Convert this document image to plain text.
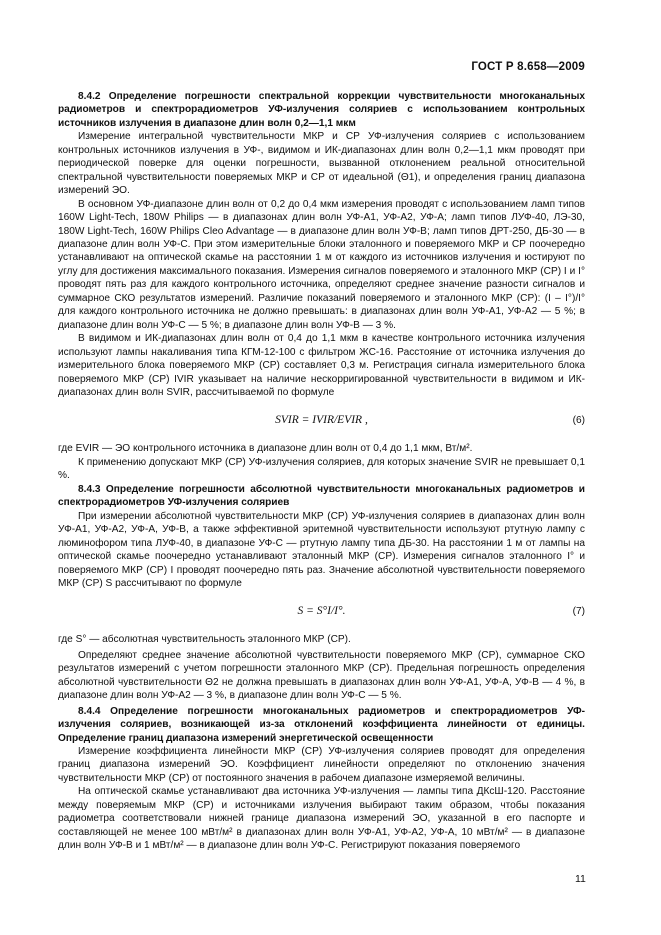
ГОСТ Р 8.658—2009

8.4.2 Определение погрешности спектральной коррекции чувствительности многоканальных радиометров и спектрорадиометров УФ-излучения соляриев с использованием контрольных источников излучения в диапазоне длин волн 0,2—1,1 мкм

Измерение интегральной чувствительности МКР и СР УФ-излучения соляриев с использованием контрольных источников излучения в УФ-, видимом и ИК-диапазонах длин волн 0,2—1,1 мкм проводят при периодической поверке для оценки погрешности, вызванной отклонением реальной относительной спектральной чувствительности поверяемых МКР и СР от идеальной (Θ1), и определения границ диапазона измерений ЭО.

В основном УФ-диапазоне длин волн от 0,2 до 0,4 мкм измерения проводят с использованием ламп типов 160W Light-Tech, 180W Philips — в диапазонах длин волн УФ-А1, УФ-А2, УФ-А; ламп типов ЛУФ-40, ЛЭ-30, 180W Light-Tech, 160W Philips Cleo Advantage — в диапазоне длин волн УФ-В; ламп типов ДРТ-250, ДБ-30 — в диапазоне длин волн УФ-С. При этом измерительные блоки эталонного и поверяемого МКР и СР поочередно устанавливают на оптической скамье на расстоянии 1 м от каждого из источников излучения и юстируют по углу для достижения максимального показания. Измерения сигналов поверяемого и эталонного МКР (СР) I и I° проводят пять раз для каждого контрольного источника, определяют среднее значение разности сигналов и суммарное СКО результатов измерений. Различие показаний поверяемого и эталонного МКР (СР): (I – I°)/I° для каждого контрольного источника не должно превышать: в диапазонах длин волн УФ-А1, УФ-А2 — 5 %; в диапазоне длин волн УФ-С — 5 %; в диапазоне длин волн УФ-В — 3 %.

В видимом и ИК-диапазонах длин волн от 0,4 до 1,1 мкм в качестве контрольного источника излучения используют лампы накаливания типа КГМ-12-100 с фильтром ЖС-16. Расстояние от источника излучения до измерительного блока поверяемого МКР (СР) составляет 0,3 м. Регистрация сигнала измерительного блока поверяемого МКР (СР) IVIR указывает на наличие нескорригированной чувствительности в видимом и ИК-диапазонах длин волн SVIR, рассчитываемой по формуле

SVIR = IVIR/EVIR ,	(6)

где EVIR — ЭО контрольного источника в диапазоне длин волн от 0,4 до 1,1 мкм, Вт/м².

К применению допускают МКР (СР) УФ-излучения соляриев, для которых значение SVIR не превышает 0,1 %.

8.4.3 Определение погрешности абсолютной чувствительности многоканальных радиометров и спектрорадиометров УФ-излучения соляриев

При измерении абсолютной чувствительности МКР (СР) УФ-излучения соляриев в диапазонах длин волн УФ-А1, УФ-А2, УФ-А, УФ-В, а также эффективной эритемной чувствительности используют ртутную лампу с люминофором типа ЛУФ-40, в диапазоне УФ-С — ртутную лампу типа ДБ-30. На расстоянии 1 м от лампы на оптической скамье поочередно устанавливают эталонный МКР (СР). Измерения сигналов эталонного I° и поверяемого МКР (СР) I проводят поочередно пять раз. Значение абсолютной чувствительности поверяемого МКР (СР) S рассчитывают по формуле

S = S°I/I°.	(7)

где S° — абсолютная чувствительность эталонного МКР (СР).

Определяют среднее значение абсолютной чувствительности поверяемого МКР (СР), суммарное СКО результатов измерений с учетом погрешности эталонного МКР (СР). Предельная погрешность определения абсолютной чувствительности Θ2 не должна превышать в диапазонах длин волн УФ-А1, УФ-А, УФ-В — 4 %, в диапазоне длин волн УФ-А2 — 3 %, в диапазоне длин волн УФ-С — 5 %.

8.4.4 Определение погрешности многоканальных радиометров и спектрорадиометров УФ-излучения соляриев, возникающей из-за отклонений коэффициента линейности от единицы. Определение границ диапазона измерений энергетической освещенности

Измерение коэффициента линейности МКР (СР) УФ-излучения соляриев проводят для определения границ диапазона измерений ЭО. Коэффициент линейности определяют по отклонению значения чувствительности МКР (СР) от постоянного значения в рабочем диапазоне измеряемой величины.

На оптической скамье устанавливают два источника УФ-излучения — лампы типа ДКсШ-120. Расстояние между поверяемым МКР (СР) и источниками излучения выбирают таким образом, чтобы показания радиометра соответствовали нижней границе диапазона измерений ЭО, указанной в его паспорте и составляющей не менее 100 мВт/м² в диапазонах длин волн УФ-А1, УФ-А2, УФ-А, 10 мВт/м² — в диапазоне длин волн УФ-В и 1 мВт/м² — в диапазоне длин волн УФ-С. Регистрируют показания поверяемого

11
